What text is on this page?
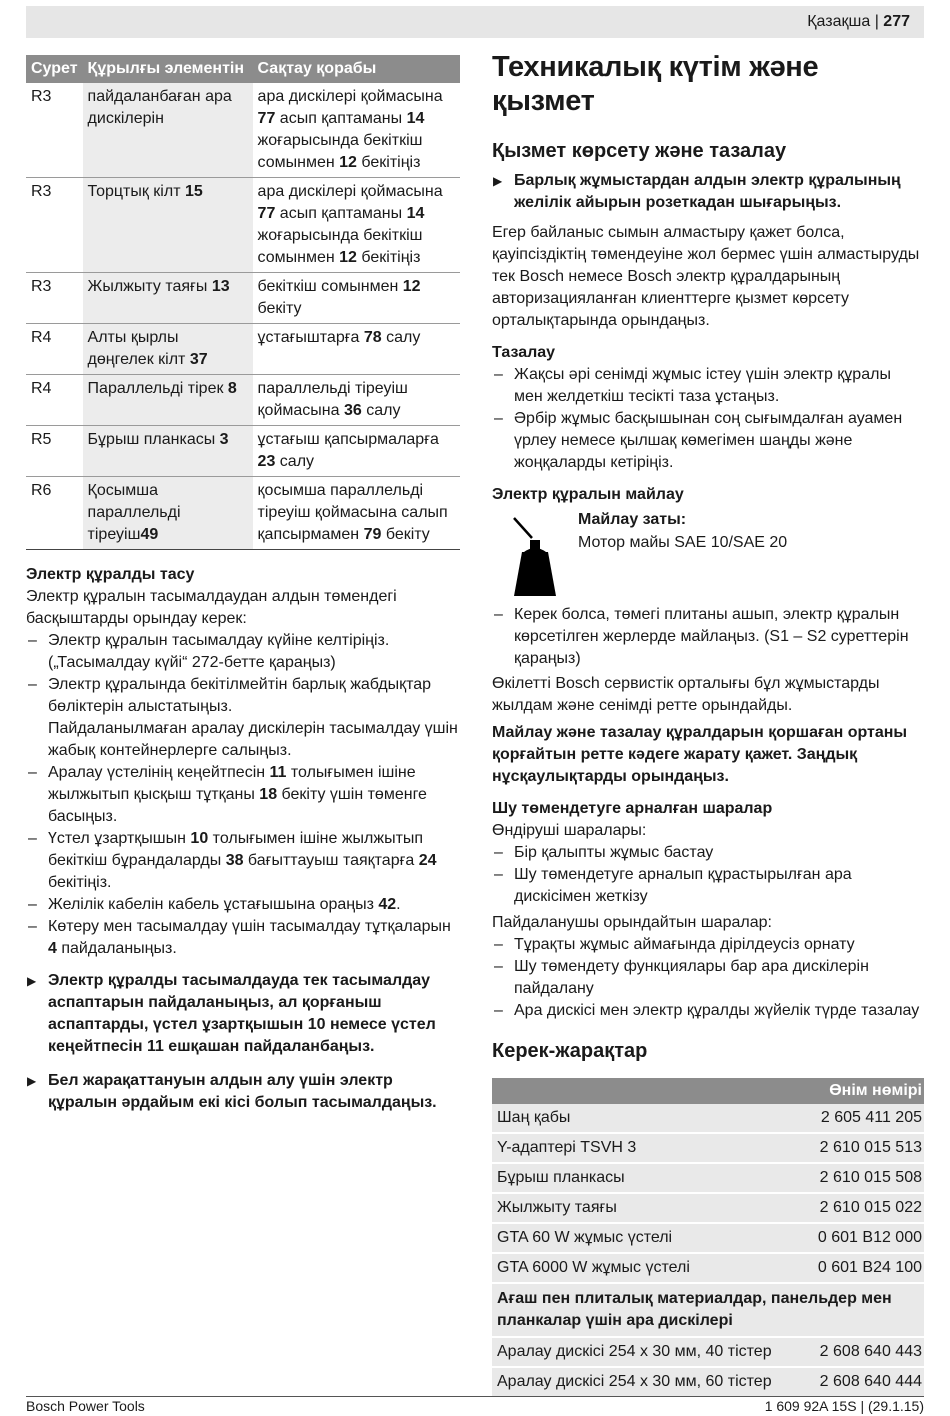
Қазақша | 277
Сурет	Құрылғы элементін	Сақтау қорабы
R3	пайдаланбаған ара дискілерін	ара дискілері қоймасына 77 асып қаптаманы 14 жоғарысында бекіткіш сомынмен 12 бекітіңіз
R3	Торцтық кілт 15	ара дискілері қоймасына 77 асып қаптаманы 14 жоғарысында бекіткіш сомынмен 12 бекітіңіз
R3	Жылжыту таяғы 13	бекіткіш сомынмен 12 бекіту
R4	Алты қырлы дөңгелек кілт 37	ұстағыштарға 78 салу
R4	Параллельді тірек 8	параллельді тіреуіш қоймасына 36 салу
R5	Бұрыш планкасы 3	ұстағыш қапсырмаларға 23 салу
R6	Қосымша параллельді тіреуіш49	қосымша параллельді тіреуіш қоймасына салып қапсырмамен 79 бекіту
Электр құралды тасу

Электр құралын тасымалдаудан алдын төмендегі басқыштарды орындау керек:

– Электр құралын тасымалдау күйіне келтіріңіз. („Тасымалдау күйі“ 272-бетте қараңыз)
– Электр құралында бекітілмейтін барлық жабдықтар бөліктерін алыстатыңыз.
Пайдаланылмаған аралау дискілерін тасымалдау үшін жабық контейнерлерге салыңыз.
– Аралау үстелінің кеңейтпесін 11 толығымен ішіне жылжытып қысқыш тұтқаны 18 бекіту үшін төменге басыңыз.
– Үстел ұзартқышын 10 толығымен ішіне жылжытып бекіткіш бұрандаларды 38 бағыттауыш таяқтарға 24 бекітіңіз.
– Желілік кабелін кабель ұстағышына ораңыз 42.
– Көтеру мен тасымалдау үшін тасымалдау тұтқаларын 4 пайдаланыңыз.
▶ Электр құралды тасымалдауда тек тасымалдау аспаптарын пайдаланыңыз, ал қорғаныш аспаптарды, үстел ұзартқышын 10 немесе үстел кеңейтпесін 11 ешқашан пайдаланбаңыз.
▶ Бел жарақаттануын алдын алу үшін электр құралын әрдайым екі кісі болып тасымалдаңыз.
Техникалық күтім және қызмет
Қызмет көрсету және тазалау
▶ Барлық жұмыстардан алдын электр құралының желілік айырын розеткадан шығарыңыз.

Егер байланыс сымын алмастыру қажет болса, қауіпсіздіктің төмендеуіне жол бермес үшін алмастыруды тек Bosch немесе Bosch электр құралдарының авторизацияланған клиенттерге қызмет көрсету орталықтарында орындаңыз.

Тазалау
– Жақсы әрі сенімді жұмыс істеу үшін электр құралы мен желдеткіш тесікті таза ұстаңыз.
– Әрбір жұмыс басқышынан соң сығымдалған ауамен үрлеу немесе қылшақ көмегімен шаңды және жоңқаларды кетіріңіз.
Электр құралын майлау
Майлау заты:
Мотор майы SAE 10/SAE 20
– Керек болса, төмегі плитаны ашып, электр құралын көрсетілген жерлерде майлаңыз. (S1 – S2 суреттерін қараңыз)

Өкілетті Bosch сервистік орталығы бұл жұмыстарды жылдам және сенімді ретте орындайды.

Майлау және тазалау құралдарын қоршаған ортаны қорғайтын ретте кәдеге жарату қажет. Заңдық нұсқаулықтарды орындаңыз.

Шу төмендетуге арналған шаралар

Өндіруші шаралары:

– Бір қалыпты жұмыс бастау
– Шу төмендетуге арналып құрастырылған ара дискісімен жеткізу

Пайдаланушы орындайтын шаралар:

– Тұрақты жұмыс аймағында дірілдеусіз орнату
– Шу төмендету функциялары бар ара дискілерін пайдалану
– Ара дискісі мен электр құралды жүйелік түрде тазалау
Керек-жарақтар
Өнім нөмірі	
Шаң қабы	2 605 411 205
Y-адаптері TSVH 3	2 610 015 513
Бұрыш планкасы	2 610 015 508
Жылжыту таяғы	2 610 015 022
GTA 60 W жұмыс үстелі	0 601 B12 000
GTA 6000 W жұмыс үстелі	0 601 B24 100
Ағаш пен плиталық материалдар, панельдер мен планкалар үшін ара дискілері	
Аралау дискісі 254 x 30 мм, 40 тістер	2 608 640 443
Аралау дискісі 254 x 30 мм, 60 тістер	2 608 640 444
Bosch Power Tools	1 609 92A 15S | (29.1.15)
